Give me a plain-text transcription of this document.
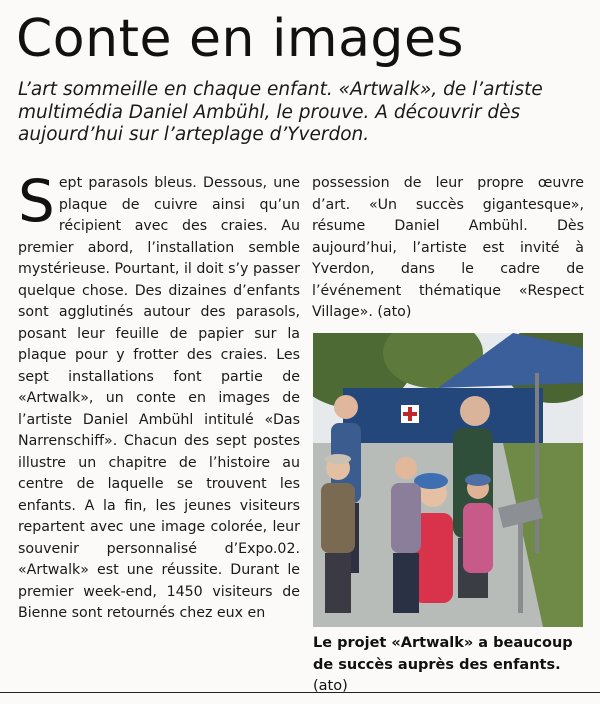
Conte en images

L’art sommeille en chaque enfant. «Artwalk», de l’artiste multimédia Daniel Ambühl, le prouve. A découvrir dès aujourd’hui sur l’arteplage d’Yverdon.

Sept parasols bleus. Dessous, une plaque de cuivre ainsi qu’un récipient avec des craies. Au premier abord, l’installation semble mystérieuse. Pourtant, il doit s’y passer quelque chose. Des dizaines d’enfants sont agglutinés autour des parasols, posant leur feuille de papier sur la plaque pour y frotter des craies. Les sept installations font partie de «Artwalk», un conte en images de l’artiste Daniel Ambühl intitulé «Das Narrenschiff». Chacun des sept postes illustre un chapitre de l’histoire au centre de laquelle se trouvent les enfants. A la fin, les jeunes visiteurs repartent avec une image colorée, leur souvenir personnalisé d’Expo.02. «Artwalk» est une réussite. Durant le premier week-end, 1450 visiteurs de Bienne sont retournés chez eux en

possession de leur propre œuvre d’art. «Un succès gigantesque», résume Daniel Ambühl. Dès aujourd’hui, l’artiste est invité à Yverdon, dans le cadre de l’événement thématique «Respect Village». (ato)

Le projet «Artwalk» a beaucoup de succès auprès des enfants. (ato)
